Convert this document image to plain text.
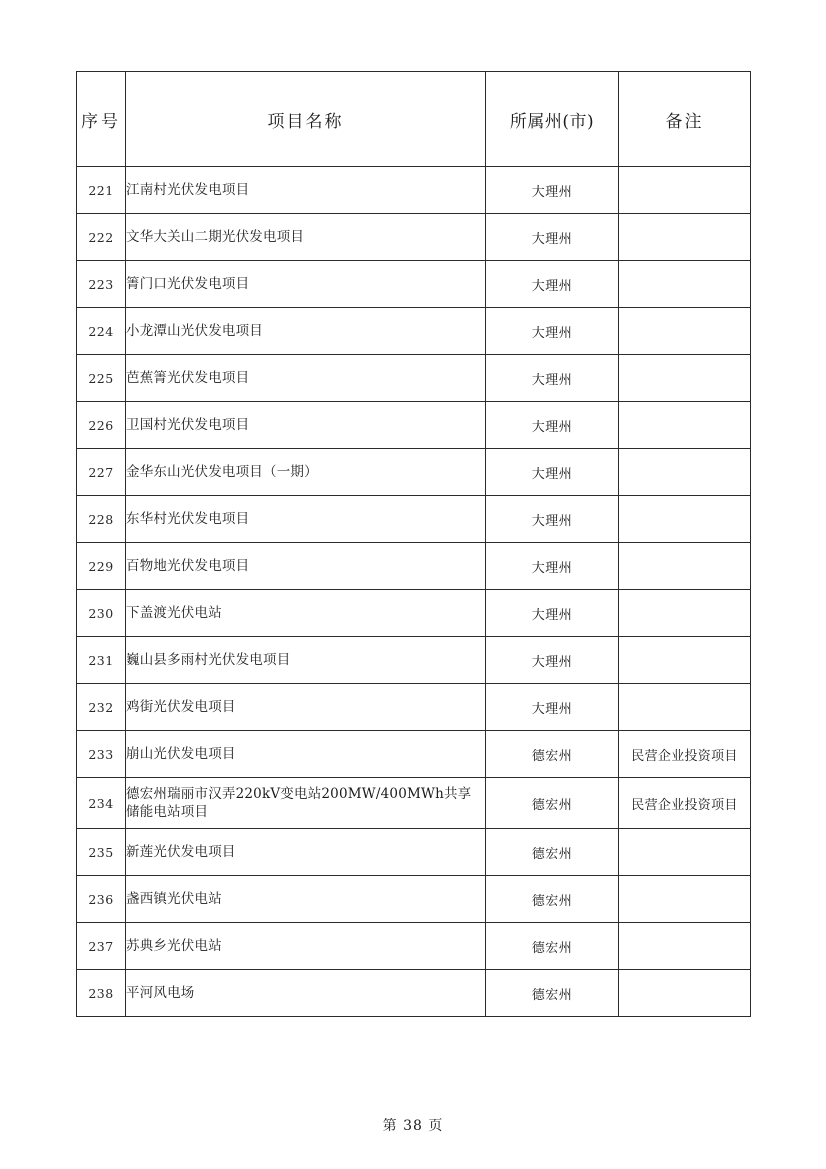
序号	项目名称	所属州(市)	备注
221	江南村光伏发电项目	大理州	
222	文华大关山二期光伏发电项目	大理州	
223	箐门口光伏发电项目	大理州	
224	小龙潭山光伏发电项目	大理州	
225	芭蕉箐光伏发电项目	大理州	
226	卫国村光伏发电项目	大理州	
227	金华东山光伏发电项目（一期）	大理州	
228	东华村光伏发电项目	大理州	
229	百物地光伏发电项目	大理州	
230	下盖渡光伏电站	大理州	
231	巍山县多雨村光伏发电项目	大理州	
232	鸡街光伏发电项目	大理州	
233	崩山光伏发电项目	德宏州	民营企业投资项目
234	德宏州瑞丽市汉弄220kV变电站200MW/400MWh共享储能电站项目	德宏州	民营企业投资项目
235	新莲光伏发电项目	德宏州	
236	盏西镇光伏电站	德宏州	
237	苏典乡光伏电站	德宏州	
238	平河风电场	德宏州	
第 38 页
